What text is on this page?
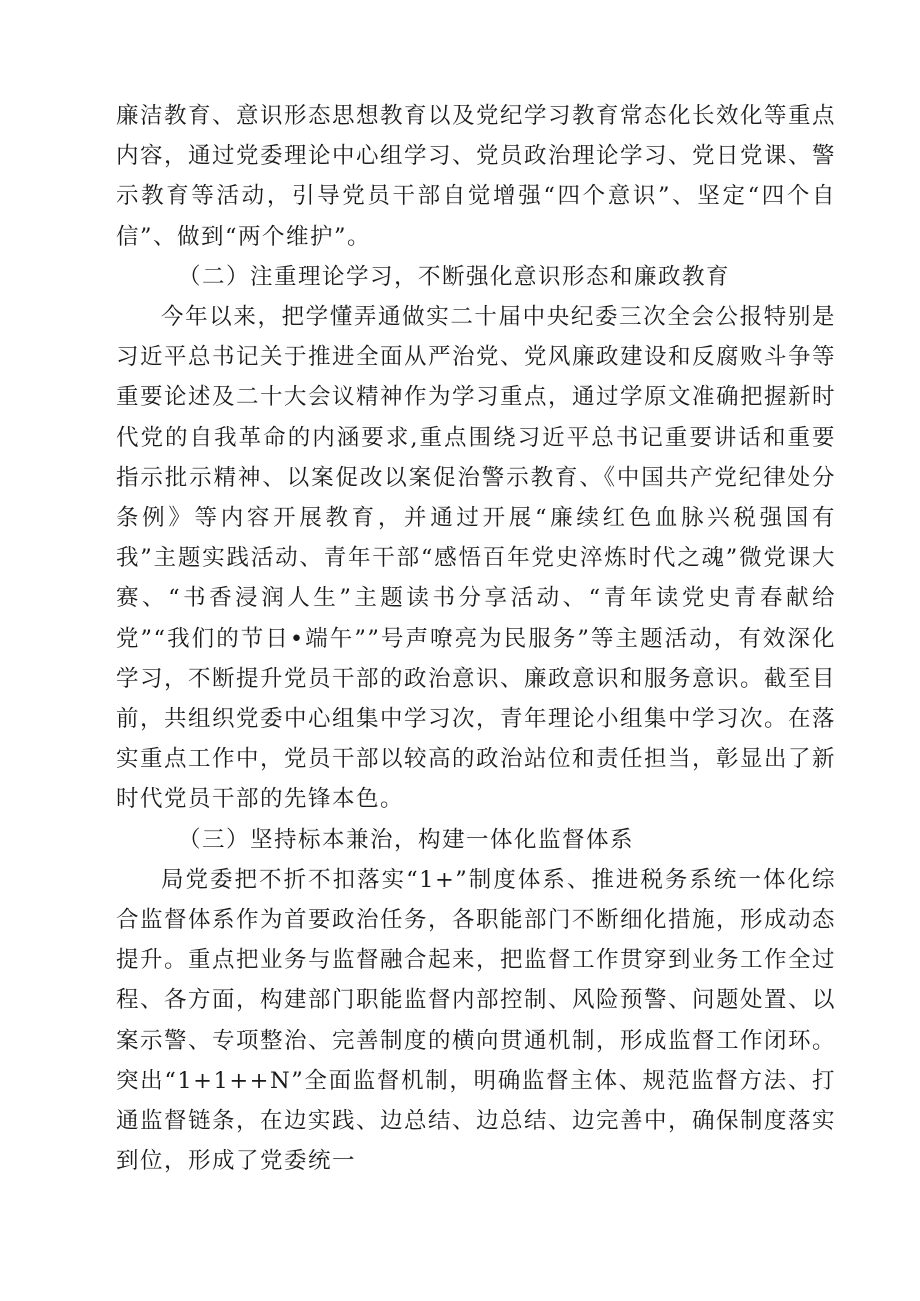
廉洁教育、意识形态思想教育以及党纪学习教育常态化长效化等重点内容，通过党委理论中心组学习、党员政治理论学习、党日党课、警示教育等活动，引导党员干部自觉增强“四个意识”、坚定“四个自信”、做到“两个维护”。

（二）注重理论学习，不断强化意识形态和廉政教育

今年以来，把学懂弄通做实二十届中央纪委三次全会公报特别是习近平总书记关于推进全面从严治党、党风廉政建设和反腐败斗争等重要论述及二十大会议精神作为学习重点，通过学原文准确把握新时代党的自我革命的内涵要求,重点围绕习近平总书记重要讲话和重要指示批示精神、以案促改以案促治警示教育、《中国共产党纪律处分条例》等内容开展教育，并通过开展“廉续红色血脉兴税强国有我”主题实践活动、青年干部“感悟百年党史淬炼时代之魂”微党课大赛、“书香浸润人生”主题读书分享活动、“青年读党史青春献给党”“我们的节日•端午””号声嘹亮为民服务”等主题活动，有效深化学习，不断提升党员干部的政治意识、廉政意识和服务意识。截至目前，共组织党委中心组集中学习次，青年理论小组集中学习次。在落实重点工作中，党员干部以较高的政治站位和责任担当，彰显出了新时代党员干部的先锋本色。

（三）坚持标本兼治，构建一体化监督体系

局党委把不折不扣落实“1+”制度体系、推进税务系统一体化综合监督体系作为首要政治任务，各职能部门不断细化措施，形成动态提升。重点把业务与监督融合起来，把监督工作贯穿到业务工作全过程、各方面，构建部门职能监督内部控制、风险预警、问题处置、以案示警、专项整治、完善制度的横向贯通机制，形成监督工作闭环。突出“1+1++N”全面监督机制，明确监督主体、规范监督方法、打通监督链条，在边实践、边总结、边总结、边完善中，确保制度落实到位，形成了党委统一
